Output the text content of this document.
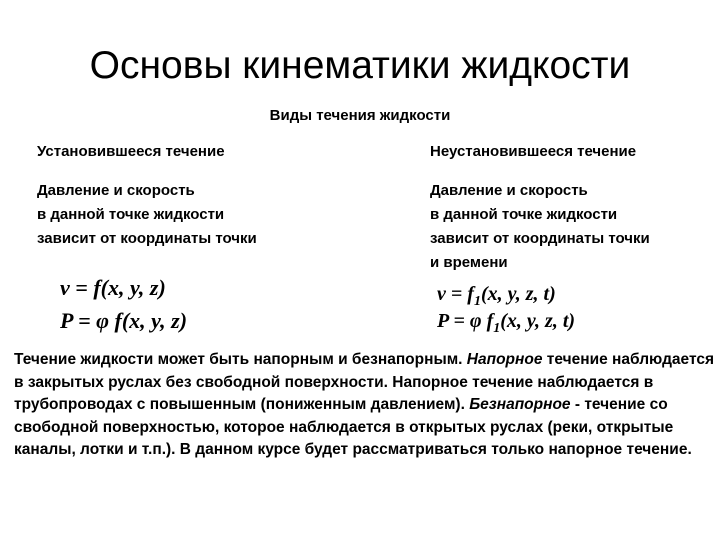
Основы кинематики жидкости
Виды течения жидкости
Установившееся течение
Давление и скорость
в данной точке жидкости
зависит от координаты точки
v = f(x, y, z)
P = φ f(x, y, z)
Неустановившееся течение
Давление и скорость
в данной точке жидкости
зависит от координаты точки
и времени
$v = f_1(x$, y, z, t)
P = φ $f_1(x$, y, z, t)
Течение жидкости может быть напорным и безнапорным. Напорное течение наблюдается в закрытых руслах без свободной поверхности. Напорное течение наблюдается в трубопроводах с повышенным (пониженным давлением). Безнапорное - течение со свободной поверхностью, которое наблюдается в открытых руслах (реки, открытые каналы, лотки и т.п.). В данном курсе будет рассматриваться только напорное течение.
